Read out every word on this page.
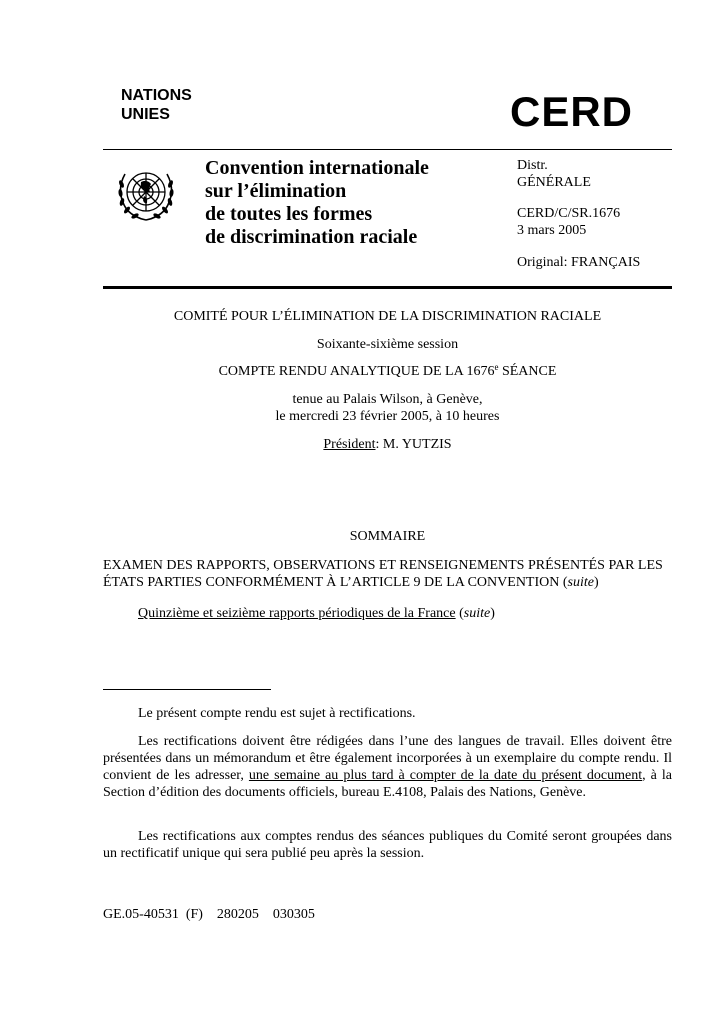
NATIONS
UNIES	CERD
Convention internationale
sur l’élimination
de toutes les formes
de discrimination raciale
Distr.
GÉNÉRALE
CERD/C/SR.1676
3 mars 2005
Original: FRANÇAIS
COMITÉ POUR L’ÉLIMINATION DE LA DISCRIMINATION RACIALE
Soixante-sixième session
COMPTE RENDU ANALYTIQUE DE LA 1676e SÉANCE
tenue au Palais Wilson, à Genève,
le mercredi 23 février 2005, à 10 heures
Président: M. YUTZIS
SOMMAIRE
EXAMEN DES RAPPORTS, OBSERVATIONS ET RENSEIGNEMENTS PRÉSENTÉS PAR LES ÉTATS PARTIES CONFORMÉMENT À L’ARTICLE 9 DE LA CONVENTION (suite)
Quinzième et seizième rapports périodiques de la France (suite)
Le présent compte rendu est sujet à rectifications.
Les rectifications doivent être rédigées dans l’une des langues de travail. Elles doivent être présentées dans un mémorandum et être également incorporées à un exemplaire du compte rendu. Il convient de les adresser, une semaine au plus tard à compter de la date du présent document, à la Section d’édition des documents officiels, bureau E.4108, Palais des Nations, Genève.
Les rectifications aux comptes rendus des séances publiques du Comité seront groupées dans un rectificatif unique qui sera publié peu après la session.
GE.05-40531  (F)    280205    030305
